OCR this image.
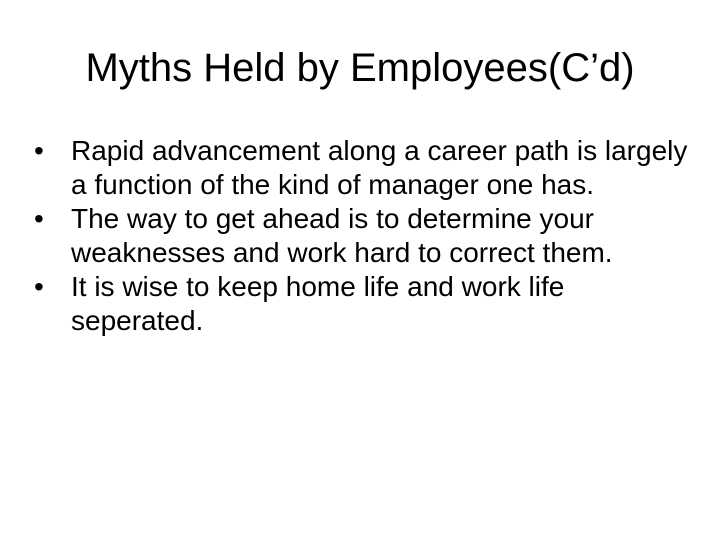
Myths Held by Employees(C’d)
• Rapid advancement along a career path is largely a function of the kind of manager one has.
• The way to get ahead is to determine your weaknesses and work hard to correct them.
• It is wise to keep home life and work life seperated.
